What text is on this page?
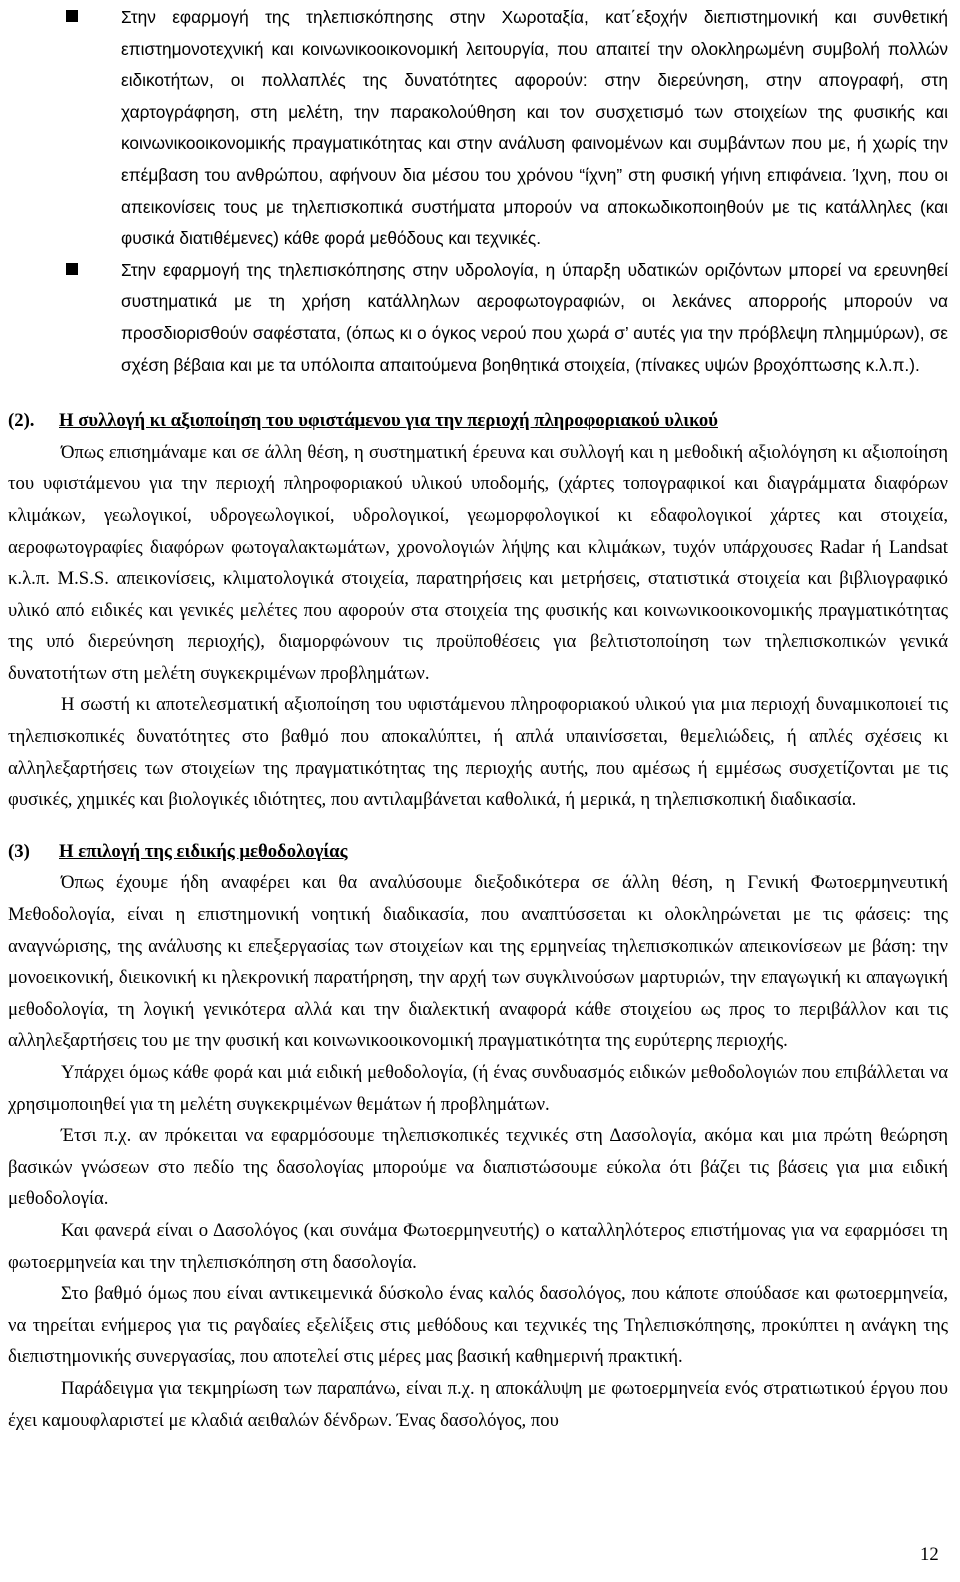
Στην εφαρμογή της τηλεπισκόπησης στην Χωροταξία, κατ΄εξοχήν διεπιστημονική και συνθετική επιστημονοτεχνική και κοινωνικοοικονομική λειτουργία, που απαιτεί την ολοκληρωμένη συμβολή πολλών ειδικοτήτων, οι πολλαπλές της δυνατότητες αφορούν: στην διερεύνηση, στην απογραφή, στη χαρτογράφηση, στη μελέτη, την παρακολούθηση και τον συσχετισμό των στοιχείων της φυσικής και κοινωνικοοικονομικής πραγματικότητας και στην ανάλυση φαινομένων και συμβάντων που με, ή χωρίς την επέμβαση του ανθρώπου, αφήνουν δια μέσου του χρόνου “ίχνη” στη φυσική γήινη επιφάνεια. Ίχνη, που οι απεικονίσεις τους με τηλεπισκοπικά συστήματα μπορούν να αποκωδικοποιηθούν με τις κατάλληλες (και φυσικά διατιθέμενες) κάθε φορά μεθόδους και τεχνικές.
Στην εφαρμογή της τηλεπισκόπησης στην υδρολογία, η ύπαρξη υδατικών οριζόντων μπορεί να ερευνηθεί συστηματικά με τη χρήση κατάλληλων αεροφωτογραφιών, οι λεκάνες απορροής μπορούν να προσδιορισθούν σαφέστατα, (όπως κι ο όγκος νερού που χωρά σ’ αυτές για την πρόβλεψη πλημμύρων), σε σχέση βέβαια και με τα υπόλοιπα απαιτούμενα βοηθητικά στοιχεία, (πίνακες υψών βροχόπτωσης κ.λ.π.).

(2). Η συλλογή κι αξιοποίηση του υφιστάμενου για την περιοχή πληροφοριακού υλικού

Όπως επισημάναμε και σε άλλη θέση, η συστηματική έρευνα και συλλογή και η μεθοδική αξιολόγηση κι αξιοποίηση του υφιστάμενου για την περιοχή πληροφοριακού υλικού υποδομής, (χάρτες τοπογραφικοί και διαγράμματα διαφόρων κλιμάκων, γεωλογικοί, υδρογεωλογικοί, υδρολογικοί, γεωμορφολογικοί κι εδαφολογικοί χάρτες και στοιχεία, αεροφωτογραφίες διαφόρων φωτογαλακτωμάτων, χρονολογιών λήψης και κλιμάκων, τυχόν υπάρχουσες Radar ή Landsat κ.λ.π. M.S.S. απεικονίσεις, κλιματολογικά στοιχεία, παρατηρήσεις και μετρήσεις, στατιστικά στοιχεία και βιβλιογραφικό υλικό από ειδικές και γενικές μελέτες που αφορούν στα στοιχεία της φυσικής και κοινωνικοοικονομικής πραγματικότητας της υπό διερεύνηση περιοχής), διαμορφώνουν τις προϋποθέσεις για βελτιστοποίηση των τηλεπισκοπικών γενικά δυνατοτήτων στη μελέτη συγκεκριμένων προβλημάτων.

Η σωστή κι αποτελεσματική αξιοποίηση του υφιστάμενου πληροφοριακού υλικού για μια περιοχή δυναμικοποιεί τις τηλεπισκοπικές δυνατότητες στο βαθμό που αποκαλύπτει, ή απλά υπαινίσσεται, θεμελιώδεις, ή απλές σχέσεις κι αλληλεξαρτήσεις των στοιχείων της πραγματικότητας της περιοχής αυτής, που αμέσως ή εμμέσως συσχετίζονται με τις φυσικές, χημικές και βιολογικές ιδιότητες, που αντιλαμβάνεται καθολικά, ή μερικά, η τηλεπισκοπική διαδικασία.

(3) Η επιλογή της ειδικής μεθοδολογίας

Όπως έχουμε ήδη αναφέρει και θα αναλύσουμε διεξοδικότερα σε άλλη θέση, η Γενική Φωτοερμηνευτική Μεθοδολογία, είναι η επιστημονική νοητική διαδικασία, που αναπτύσσεται κι ολοκληρώνεται με τις φάσεις: της αναγνώρισης, της ανάλυσης κι επεξεργασίας των στοιχείων και της ερμηνείας τηλεπισκοπικών απεικονίσεων με βάση: την μονοεικονική, διεικονική κι ηλεκρονική παρατήρηση, την αρχή των συγκλινούσων μαρτυριών, την επαγωγική κι απαγωγική μεθοδολογία, τη λογική γενικότερα αλλά και την διαλεκτική αναφορά κάθε στοιχείου ως προς το περιβάλλον και τις αλληλεξαρτήσεις του με την φυσική και κοινωνικοοικονομική πραγματικότητα της ευρύτερης περιοχής.

Υπάρχει όμως κάθε φορά και μιά ειδική μεθοδολογία, (ή ένας συνδυασμός ειδικών μεθοδολογιών που επιβάλλεται να χρησιμοποιηθεί για τη μελέτη συγκεκριμένων θεμάτων ή προβλημάτων.

Έτσι π.χ. αν πρόκειται να εφαρμόσουμε τηλεπισκοπικές τεχνικές στη Δασολογία, ακόμα και μια πρώτη θεώρηση βασικών γνώσεων στο πεδίο της δασολογίας μπορούμε να διαπιστώσουμε εύκολα ότι βάζει τις βάσεις για μια ειδική μεθοδολογία.

Και φανερά είναι ο Δασολόγος (και συνάμα Φωτοερμηνευτής) ο καταλληλότερος επιστήμονας για να εφαρμόσει τη φωτοερμηνεία και την τηλεπισκόπηση στη δασολογία.

Στο βαθμό όμως που είναι αντικειμενικά δύσκολο ένας καλός δασολόγος, που κάποτε σπούδασε και φωτοερμηνεία, να τηρείται ενήμερος για τις ραγδαίες εξελίξεις στις μεθόδους και τεχνικές της Τηλεπισκόπησης, προκύπτει η ανάγκη της διεπιστημονικής συνεργασίας, που αποτελεί στις μέρες μας βασική καθημερινή πρακτική.

Παράδειγμα για τεκμηρίωση των παραπάνω, είναι π.χ. η αποκάλυψη με φωτοερμηνεία ενός στρατιωτικού έργου που έχει καμουφλαριστεί με κλαδιά αειθαλών δένδρων. Ένας δασολόγος, που

12
